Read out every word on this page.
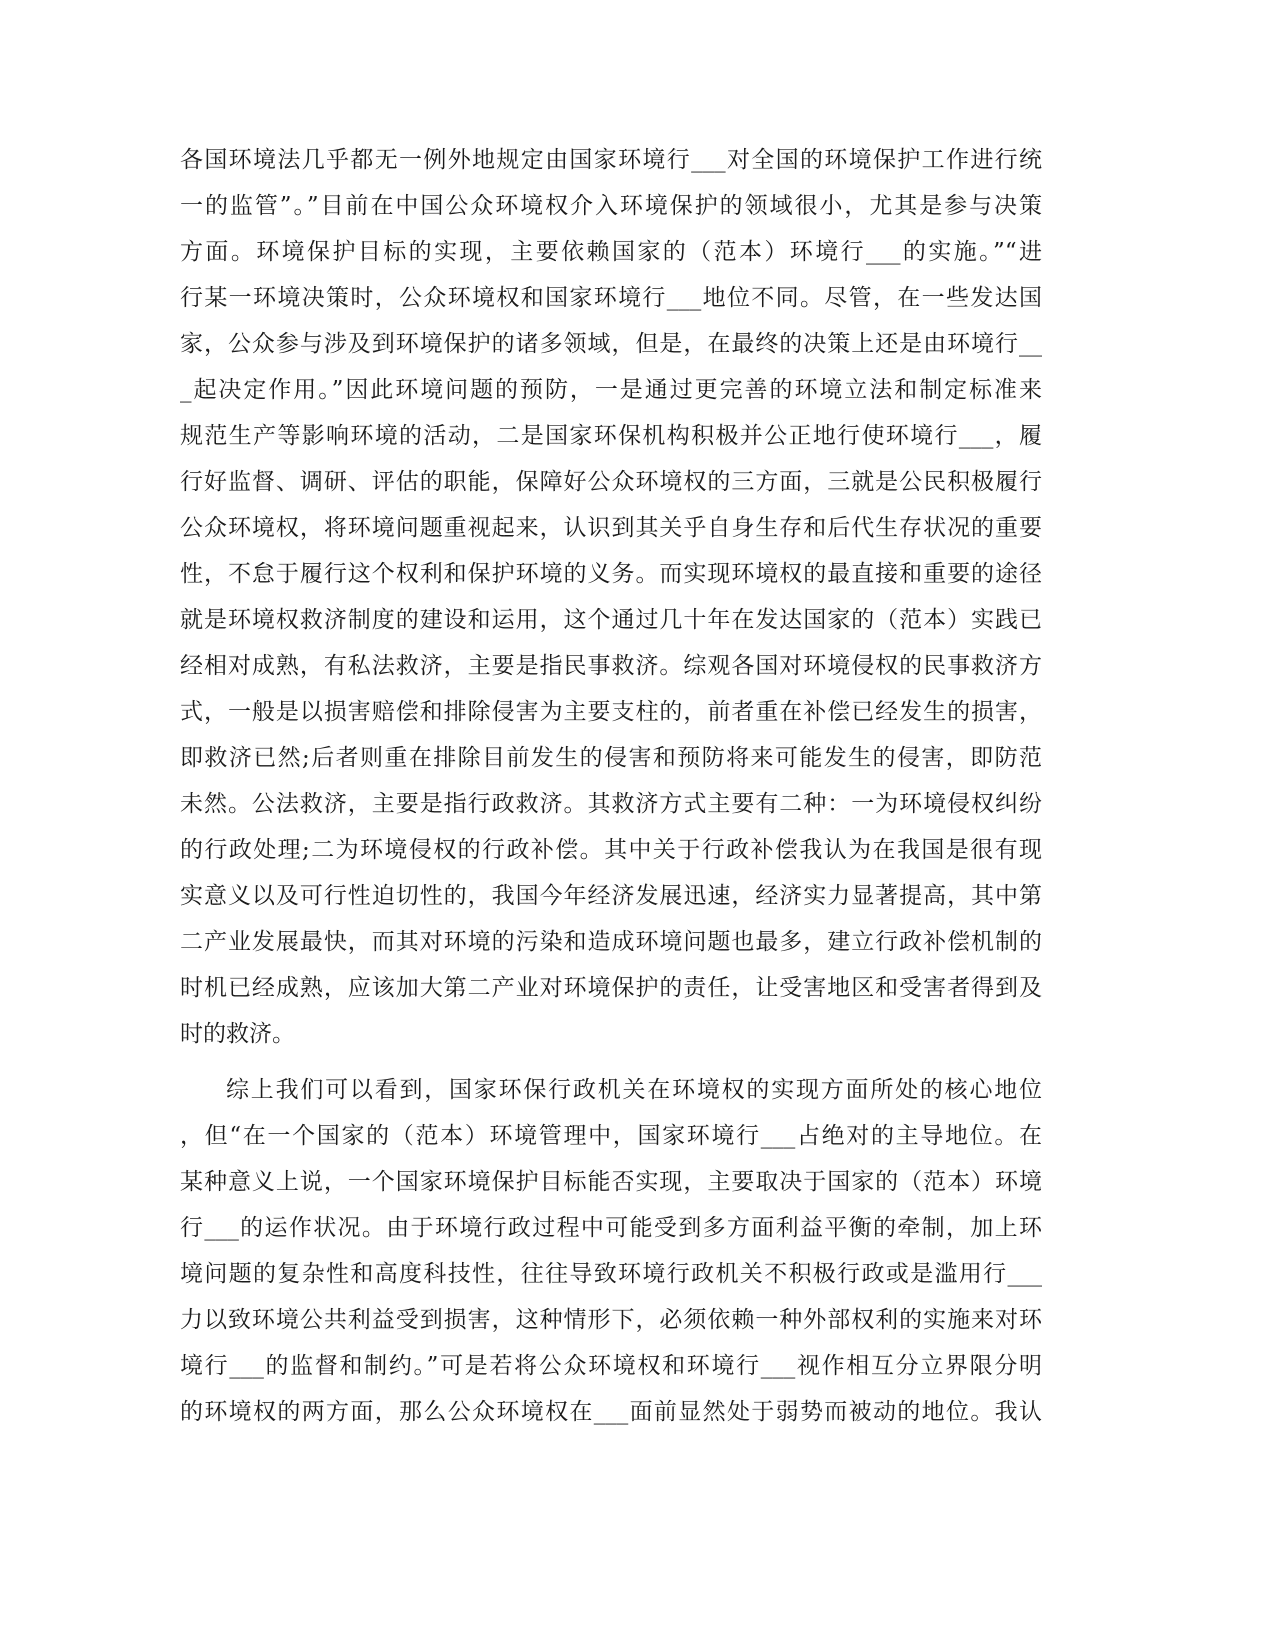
各国环境法几乎都无一例外地规定由国家环境行___对全国的环境保护工作进行统
一的监管”。”目前在中国公众环境权介入环境保护的领域很小，尤其是参与决策
方面。环境保护目标的实现，主要依赖国家的（范本）环境行___的实施。”“进
行某一环境决策时，公众环境权和国家环境行___地位不同。尽管，在一些发达国
家，公众参与涉及到环境保护的诸多领域，但是，在最终的决策上还是由环境行__
_起决定作用。”因此环境问题的预防，一是通过更完善的环境立法和制定标准来
规范生产等影响环境的活动，二是国家环保机构积极并公正地行使环境行___，履
行好监督、调研、评估的职能，保障好公众环境权的三方面，三就是公民积极履行
公众环境权，将环境问题重视起来，认识到其关乎自身生存和后代生存状况的重要
性，不怠于履行这个权利和保护环境的义务。而实现环境权的最直接和重要的途径
就是环境权救济制度的建设和运用，这个通过几十年在发达国家的（范本）实践已
经相对成熟，有私法救济，主要是指民事救济。综观各国对环境侵权的民事救济方
式，一般是以损害赔偿和排除侵害为主要支柱的，前者重在补偿已经发生的损害，
即救济已然;后者则重在排除目前发生的侵害和预防将来可能发生的侵害，即防范
未然。公法救济，主要是指行政救济。其救济方式主要有二种：一为环境侵权纠纷
的行政处理;二为环境侵权的行政补偿。其中关于行政补偿我认为在我国是很有现
实意义以及可行性迫切性的，我国今年经济发展迅速，经济实力显著提高，其中第
二产业发展最快，而其对环境的污染和造成环境问题也最多，建立行政补偿机制的
时机已经成熟，应该加大第二产业对环境保护的责任，让受害地区和受害者得到及
时的救济。
综上我们可以看到，国家环保行政机关在环境权的实现方面所处的核心地位
，但“在一个国家的（范本）环境管理中，国家环境行___占绝对的主导地位。在
某种意义上说，一个国家环境保护目标能否实现，主要取决于国家的（范本）环境
行___的运作状况。由于环境行政过程中可能受到多方面利益平衡的牵制，加上环
境问题的复杂性和高度科技性，往往导致环境行政机关不积极行政或是滥用行___
力以致环境公共利益受到损害，这种情形下，必须依赖一种外部权利的实施来对环
境行___的监督和制约。”可是若将公众环境权和环境行___视作相互分立界限分明
的环境权的两方面，那么公众环境权在___面前显然处于弱势而被动的地位。我认
